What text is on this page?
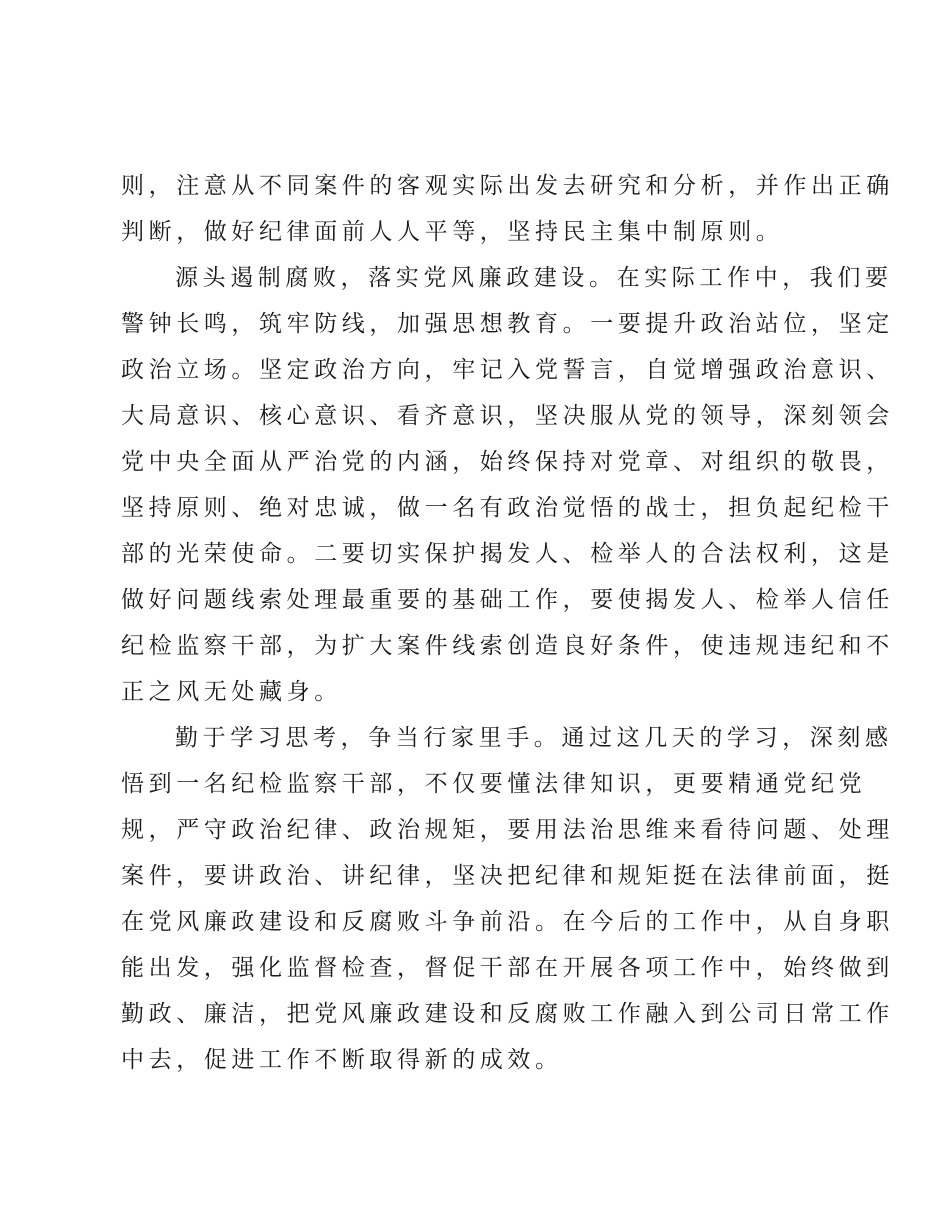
则，注意从不同案件的客观实际出发去研究和分析，并作出正确
判断，做好纪律面前人人平等，坚持民主集中制原则。
源头遏制腐败，落实党风廉政建设。在实际工作中，我们要
警钟长鸣，筑牢防线，加强思想教育。一要提升政治站位，坚定
政治立场。坚定政治方向，牢记入党誓言，自觉增强政治意识、
大局意识、核心意识、看齐意识，坚决服从党的领导，深刻领会
党中央全面从严治党的内涵，始终保持对党章、对组织的敬畏，
坚持原则、绝对忠诚，做一名有政治觉悟的战士，担负起纪检干
部的光荣使命。二要切实保护揭发人、检举人的合法权利，这是
做好问题线索处理最重要的基础工作，要使揭发人、检举人信任
纪检监察干部，为扩大案件线索创造良好条件，使违规违纪和不
正之风无处藏身。
勤于学习思考，争当行家里手。通过这几天的学习，深刻感
悟到一名纪检监察干部，不仅要懂法律知识，更要精通党纪党
规，严守政治纪律、政治规矩，要用法治思维来看待问题、处理
案件，要讲政治、讲纪律，坚决把纪律和规矩挺在法律前面，挺
在党风廉政建设和反腐败斗争前沿。在今后的工作中，从自身职
能出发，强化监督检查，督促干部在开展各项工作中，始终做到
勤政、廉洁，把党风廉政建设和反腐败工作融入到公司日常工作
中去，促进工作不断取得新的成效。
